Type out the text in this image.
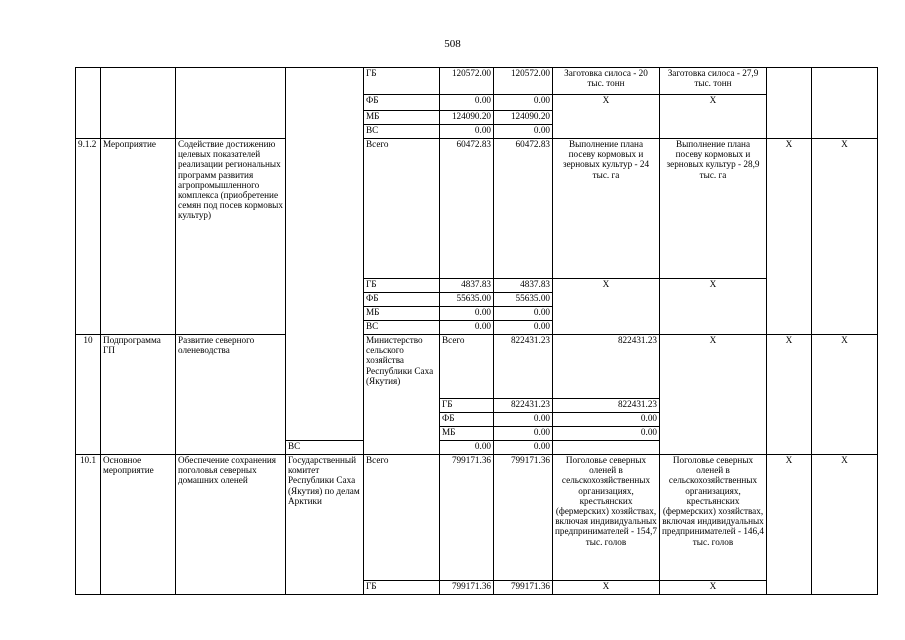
508
				ГБ	120572.00	120572.00	Заготовка силоса - 20 тыс. тонн	Заготовка силоса - 27,9 тыс. тонн			
				ФБ	0.00	0.00	Х	Х			
				МБ	124090.20	124090.20					
				ВС	0.00	0.00					
9.1.2	Мероприятие	Содействие достижению целевых показателей реализации региональных программ развития агропромышленного комплекса (приобретение семян под посев кормовых культур)		Всего	60472.83	60472.83	Выполнение плана посеву кормовых и зерновых культур - 24 тыс. га	Выполнение плана посеву кормовых и зерновых культур - 28,9 тыс. га	Х	Х	
				ГБ	4837.83	4837.83	Х	Х			
				ФБ	55635.00	55635.00					
				МБ	0.00	0.00					
				ВС	0.00	0.00					
10	Подпрограмма ГП	Развитие северного оленеводства		Министерство сельского хозяйства Республики Саха (Якутия)	Всего	822431.23	822431.23	Х	Х	Х	
					ГБ	822431.23	822431.23				
					ФБ	0.00	0.00				
					МБ	0.00	0.00				
			ВС		0.00	0.00					
10.1	Основное мероприятие	Обеспечение сохранения поголовья северных домашних оленей	Государственный комитет Республики Саха (Якутия) по делам Арктики	Всего	799171.36	799171.36	Поголовье северных оленей в сельскохозяйственных организациях, крестьянских (фермерских) хозяйствах, включая индивидуальных предпринимателей - 154,7 тыс. голов	Поголовье северных оленей в сельскохозяйственных организациях, крестьянских (фермерских) хозяйствах, включая индивидуальных предпринимателей - 146,4 тыс. голов	Х	Х	
				ГБ	799171.36	799171.36	Х	Х			
